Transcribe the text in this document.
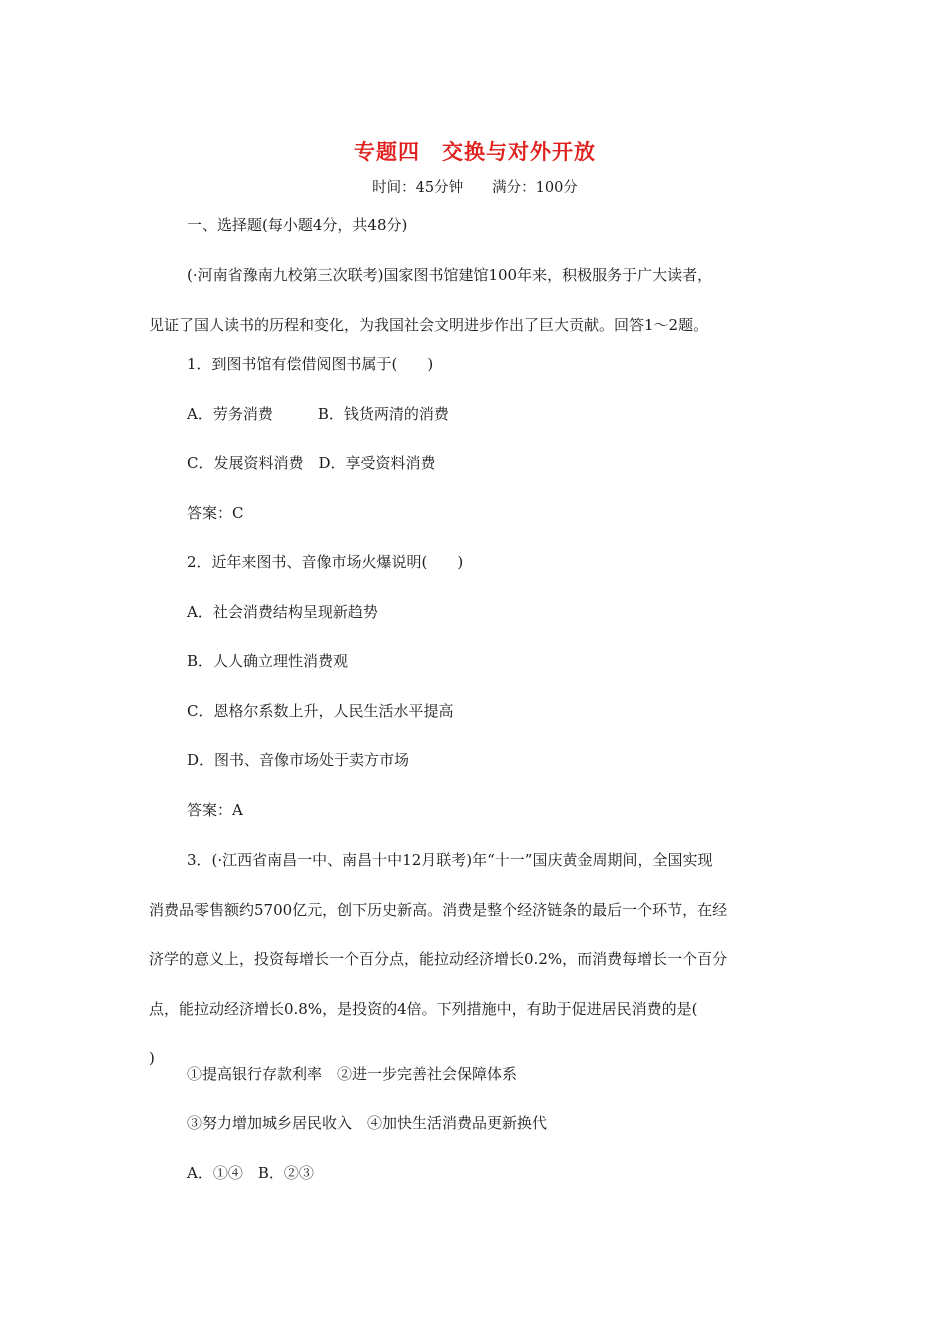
专题四　交换与对外开放
时间：45分钟　　满分：100分
一、选择题(每小题4分，共48分)
(·河南省豫南九校第三次联考)国家图书馆建馆100年来，积极服务于广大读者，
见证了国人读书的历程和变化，为我国社会文明进步作出了巨大贡献。回答1～2题。
1．到图书馆有偿借阅图书属于(　　)
A．劳务消费　　　B．钱货两清的消费
C．发展资料消费　D．享受资料消费
答案：C
2．近年来图书、音像市场火爆说明(　　)
A．社会消费结构呈现新趋势
B．人人确立理性消费观
C．恩格尔系数上升，人民生活水平提高
D．图书、音像市场处于卖方市场
答案：A
3．(·江西省南昌一中、南昌十中12月联考)年“十一”国庆黄金周期间，全国实现
消费品零售额约5700亿元，创下历史新高。消费是整个经济链条的最后一个环节，在经
济学的意义上，投资每增长一个百分点，能拉动经济增长0.2%，而消费每增长一个百分
点，能拉动经济增长0.8%，是投资的4倍。下列措施中，有助于促进居民消费的是(
)
①提高银行存款利率　②进一步完善社会保障体系
③努力增加城乡居民收入　④加快生活消费品更新换代
A．①④　B．②③
